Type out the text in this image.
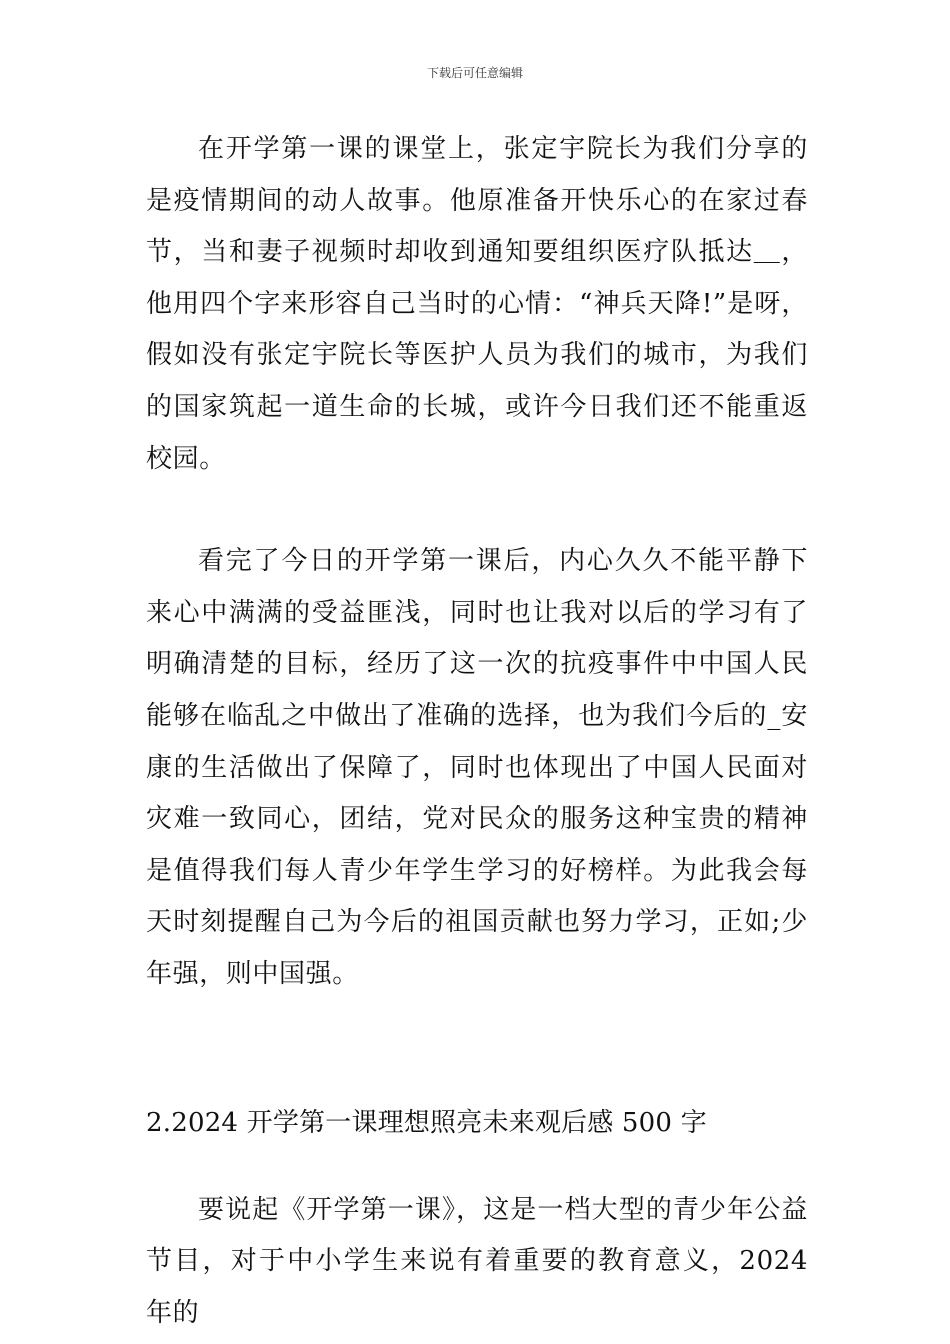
下载后可任意编辑

在开学第一课的课堂上，张定宇院长为我们分享的是疫情期间的动人故事。他原准备开快乐心的在家过春节，当和妻子视频时却收到通知要组织医疗队抵达＿，他用四个字来形容自己当时的心情：“神兵天降!”是呀，假如没有张定宇院长等医护人员为我们的城市，为我们的国家筑起一道生命的长城，或许今日我们还不能重返校园。

看完了今日的开学第一课后，内心久久不能平静下来心中满满的受益匪浅，同时也让我对以后的学习有了明确清楚的目标，经历了这一次的抗疫事件中中国人民能够在临乱之中做出了准确的选择，也为我们今后的_安康的生活做出了保障了，同时也体现出了中国人民面对灾难一致同心，团结，党对民众的服务这种宝贵的精神是值得我们每人青少年学生学习的好榜样。为此我会每天时刻提醒自己为今后的祖国贡献也努力学习，正如;少年强，则中国强。

2.2024 开学第一课理想照亮未来观后感 500 字

要说起《开学第一课》，这是一档大型的青少年公益节目，对于中小学生来说有着重要的教育意义，2024 年的
